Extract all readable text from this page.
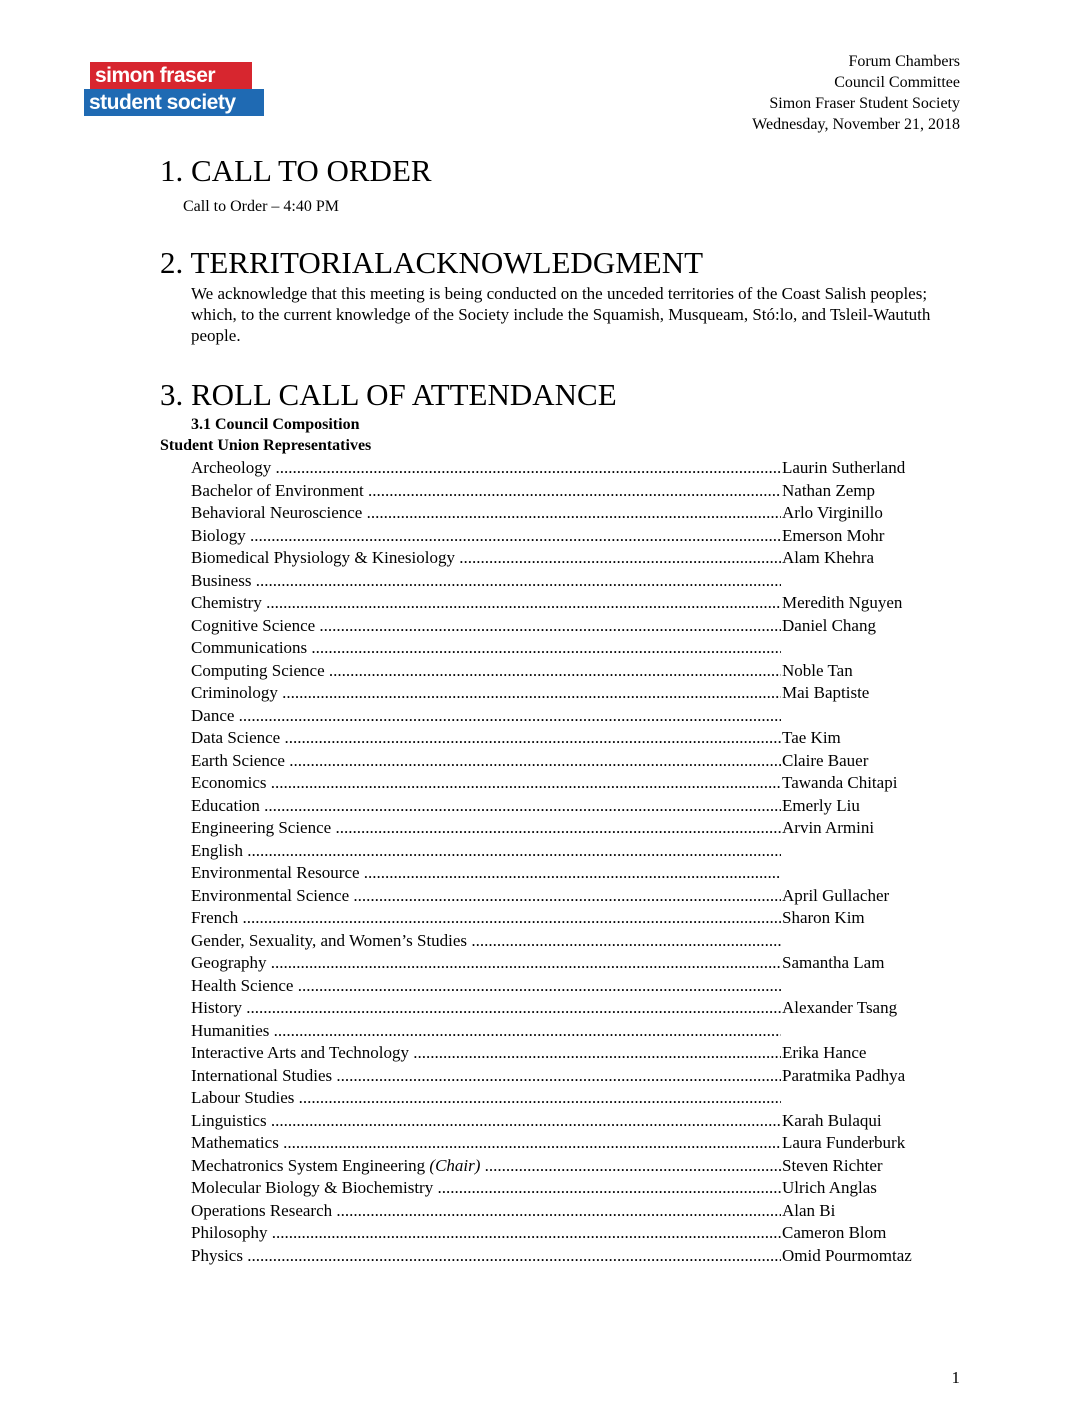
simon fraser
student society
Forum Chambers
Council Committee
Simon Fraser Student Society
Wednesday, November 21, 2018
1. CALL TO ORDER
Call to Order – 4:40 PM
2. TERRITORIALACKNOWLEDGMENT
We acknowledge that this meeting is being conducted on the unceded territories of the Coast Salish peoples; which, to the current knowledge of the Society include the Squamish, Musqueam, Stó:lo, and Tsleil-Waututh people.
3. ROLL CALL OF ATTENDANCE
3.1 Council Composition
Student Union Representatives
Archeology .....	Laurin Sutherland
Bachelor of Environment .....	Nathan Zemp
Behavioral Neuroscience .....	Arlo Virginillo
Biology .....	Emerson Mohr
Biomedical Physiology & Kinesiology .....	Alam Khehra
Business .....
Chemistry .....	Meredith Nguyen
Cognitive Science .....	Daniel Chang
Communications .....
Computing Science .....	Noble Tan
Criminology .....	Mai Baptiste
Dance .....
Data Science .....	Tae Kim
Earth Science .....	Claire Bauer
Economics .....	Tawanda Chitapi
Education .....	Emerly Liu
Engineering Science .....	Arvin Armini
English .....
Environmental Resource .....
Environmental Science .....	April Gullacher
French .....	Sharon Kim
Gender, Sexuality, and Women’s Studies .....
Geography .....	Samantha Lam
Health Science .....
History .....	Alexander Tsang
Humanities .....
Interactive Arts and Technology .....	Erika Hance
International Studies .....	Paratmika Padhya
Labour Studies .....
Linguistics .....	Karah Bulaqui
Mathematics .....	Laura Funderburk
Mechatronics System Engineering (Chair) .....	Steven Richter
Molecular Biology & Biochemistry .....	Ulrich Anglas
Operations Research .....	Alan Bi
Philosophy .....	Cameron Blom
Physics .....	Omid Pourmomtaz
1
